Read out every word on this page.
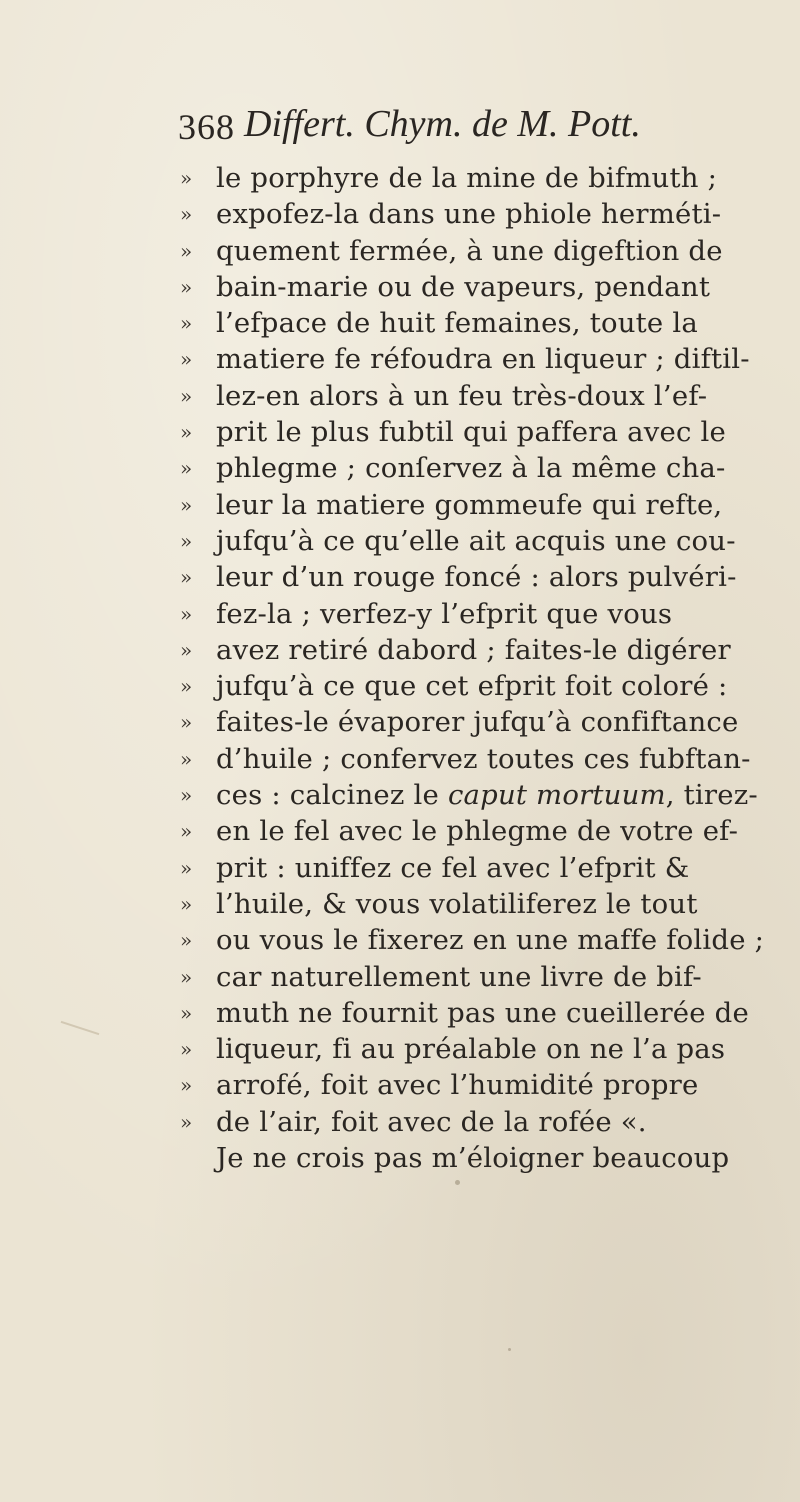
368 Differt. Chym. de M. Pott.
» le porphyre de la mine de bifmuth ;
» expofez-la dans une phiole herméti-
» quement fermée, à une digeftion de
» bain-marie ou de vapeurs, pendant
» l’efpace de huit femaines, toute la
» matiere fe réfoudra en liqueur ; diftil-
» lez-en alors à un feu très-doux l’ef-
» prit le plus fubtil qui paffera avec le
» phlegme ; conſervez à la même cha-
» leur la matiere gommeufe qui refte,
» jufqu’à ce qu’elle ait acquis une cou-
» leur d’un rouge foncé : alors pulvéri-
» fez-la ; verfez-y l’efprit que vous
» avez retiré dabord ; faites-le digérer
» jufqu’à ce que cet efprit foit coloré :
» faites-le évaporer jufqu’à confiftance
» d’huile ; confervez toutes ces fubftan-
» ces : calcinez le caput mortuum, tirez-
» en le fel avec le phlegme de votre ef-
» prit : uniffez ce fel avec l’efprit &
» l’huile, & vous volatiliferez le tout
» ou vous le fixerez en une maffe folide ;
» car naturellement une livre de bif-
» muth ne fournit pas une cueillerée de
» liqueur, fi au préalable on ne l’a pas
» arrofé, foit avec l’humidité propre
» de l’air, foit avec de la rofée «.
Je ne crois pas m’éloigner beaucoup
